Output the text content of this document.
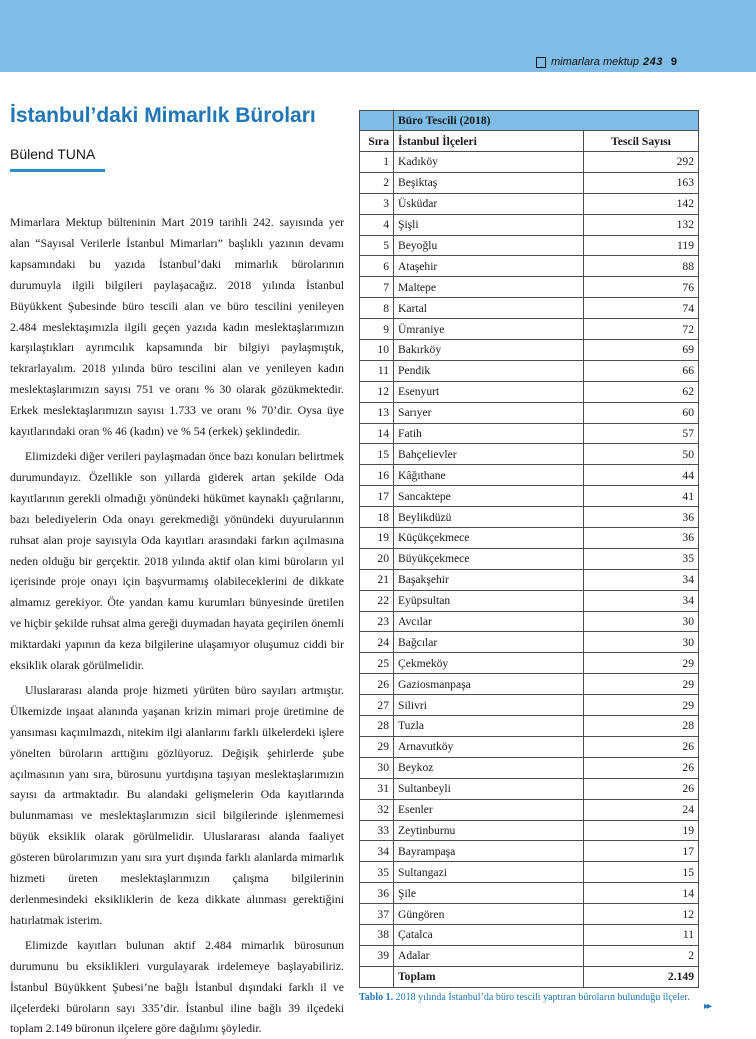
mimarlara mektup 243 9
İstanbul’daki Mimarlık Büroları
Bülend TUNA

Mimarlara Mektup bülteninin Mart 2019 tarihli 242. sayısında yer alan “Sayısal Verilerle İstanbul Mimarları” başlıklı yazının devamı kapsamındaki bu yazıda İstanbul’daki mimarlık bürolarının durumuyla ilgili bilgileri paylaşacağız. 2018 yılında İstanbul Büyükkent Şubesinde büro tescili alan ve büro tescilini yenileyen 2.484 meslektaşımızla ilgili geçen yazıda kadın meslektaşlarımızın karşılaştıkları ayrımcılık kapsamında bir bilgiyi paylaşmıştık, tekrarlayalım. 2018 yılında büro tescilini alan ve yenileyen kadın meslektaşlarımızın sayısı 751 ve oranı % 30 olarak gözükmektedir. Erkek meslektaşlarımızın sayısı 1.733 ve oranı % 70’dir. Oysa üye kayıtlarındaki oran % 46 (kadın) ve % 54 (erkek) şeklindedir.

Elimizdeki diğer verileri paylaşmadan önce bazı konuları belirtmek durumundayız. Özellikle son yıllarda giderek artan şekilde Oda kayıtlarının gerekli olmadığı yönündeki hükümet kaynaklı çağrılarını, bazı belediyelerin Oda onayı gerekmediği yönündeki duyurularının ruhsat alan proje sayısıyla Oda kayıtları arasındaki farkın açılmasına neden olduğu bir gerçektir. 2018 yılında aktif olan kimi büroların yıl içerisinde proje onayı için başvurmamış olabileceklerini de dikkate almamız gerekiyor. Öte yandan kamu kurumları bünyesinde üretilen ve hiçbir şekilde ruhsat alma gereği duymadan hayata geçirilen önemli miktardaki yapının da keza bilgilerine ulaşamıyor oluşumuz ciddi bir eksiklik olarak görülmelidir.

Uluslararası alanda proje hizmeti yürüten büro sayıları artmıştır. Ülkemizde inşaat alanında yaşanan krizin mimari proje üretimine de yansıması kaçınılmazdı, nitekim ilgi alanlarını farklı ülkelerdeki işlere yönelten büroların arttığını gözlüyoruz. Değişik şehirlerde şube açılmasının yanı sıra, bürosunu yurtdışına taşıyan meslektaşlarımızın sayısı da artmaktadır. Bu alandaki gelişmelerin Oda kayıtlarında bulunmaması ve meslektaşlarımızın sicil bilgilerinde işlenmemesi büyük eksiklik olarak görülmelidir. Uluslararası alanda faaliyet gösteren bürolarımızın yanı sıra yurt dışında farklı alanlarda mimarlık hizmeti üreten meslektaşlarımızın çalışma bilgilerinin derlenmesindeki eksikliklerin de keza dikkate alınması gerektiğini hatırlatmak isterim.

Elimizde kayıtları bulunan aktif 2.484 mimarlık bürosunun durumunu bu eksiklikleri vurgulayarak irdelemeye başlayabiliriz. İstanbul Büyükkent Şubesi’ne bağlı İstanbul dışındaki farklı il ve ilçelerdeki büroların sayı 335’dir. İstanbul iline bağlı 39 ilçedeki toplam 2.149 büronun ilçelere göre dağılımı şöyledir.

	Büro Tescili (2018)	
Sıra	İstanbul İlçeleri	Tescil Sayısı
1	Kadıköy	292
2	Beşiktaş	163
3	Üsküdar	142
4	Şişli	132
5	Beyoğlu	119
6	Ataşehir	88
7	Maltepe	76
8	Kartal	74
9	Ümraniye	72
10	Bakırköy	69
11	Pendik	66
12	Esenyurt	62
13	Sarıyer	60
14	Fatih	57
15	Bahçelievler	50
16	Kâğıthane	44
17	Sancaktepe	41
18	Beylikdüzü	36
19	Küçükçekmece	36
20	Büyükçekmece	35
21	Başakşehir	34
22	Eyüpsultan	34
23	Avcılar	30
24	Bağcılar	30
25	Çekmeköy	29
26	Gaziosmanpaşa	29
27	Silivri	29
28	Tuzla	28
29	Arnavutköy	26
30	Beykoz	26
31	Sultanbeyli	26
32	Esenler	24
33	Zeytinburnu	19
34	Bayrampaşa	17
35	Sultangazi	15
36	Şile	14
37	Güngören	12
38	Çatalca	11
39	Adalar	2
	Toplam	2.149
Tablo 1. 2018 yılında İstanbul’da büro tescili yaptıran büroların bulunduğu ilçeler.
▸▸
